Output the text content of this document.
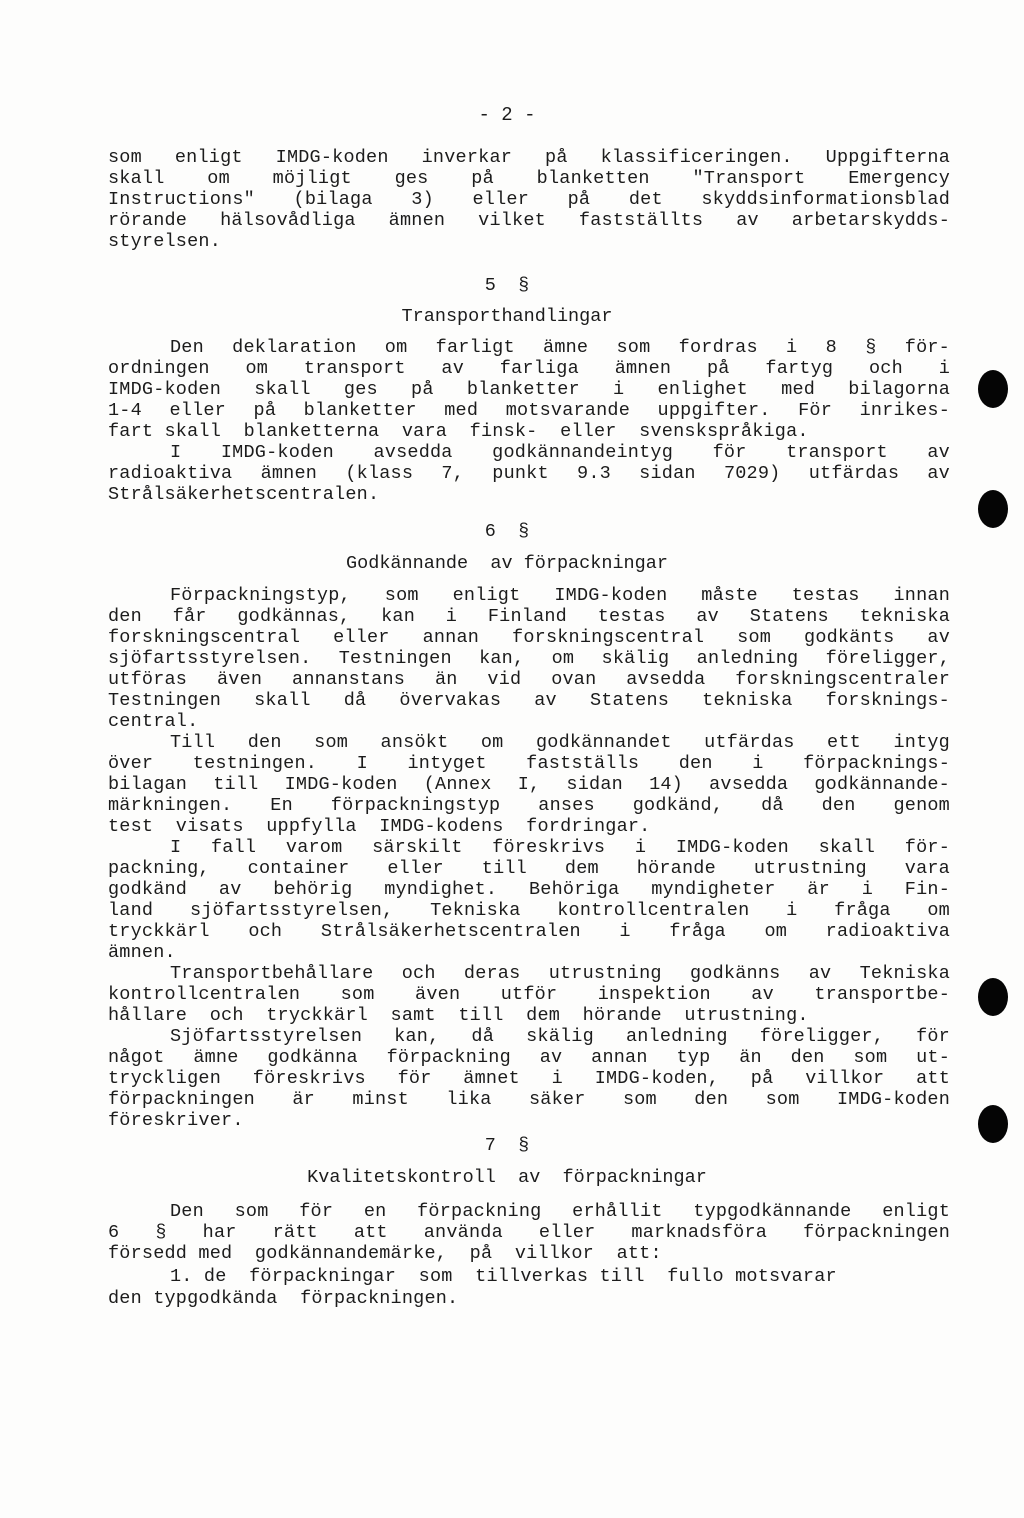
- 2 -
som enligt IMDG-koden inverkar på klassificeringen. Uppgifterna
skall om möjligt ges på blanketten "Transport Emergency
Instructions" (bilaga 3) eller på det skyddsinformationsblad
rörande hälsovådliga ämnen vilket fastställts av arbetarskydds-
styrelsen.
Den deklaration om farligt ämne som fordras i 8 § för-
ordningen om transport av farliga ämnen på fartyg och i
IMDG-koden skall ges på blanketter i enlighet med bilagorna
1-4 eller på blanketter med motsvarande uppgifter. För inrikes-
fart skall  blanketterna  vara  finsk-  eller  svenskspråkiga.
I IMDG-koden avsedda godkännandeintyg för transport av
radioaktiva ämnen (klass 7, punkt 9.3 sidan 7029) utfärdas av
Strålsäkerhetscentralen.
Förpackningstyp, som enligt IMDG-koden måste testas innan
den får godkännas, kan i Finland testas av Statens tekniska
forskningscentral eller annan forskningscentral som godkänts av
sjöfartsstyrelsen. Testningen kan, om skälig anledning föreligger,
utföras även annanstans än vid ovan avsedda forskningscentraler
Testningen skall då övervakas av Statens tekniska forsknings-
central.
Till den som ansökt om godkännandet utfärdas ett intyg
över testningen. I intyget fastställs den i förpacknings-
bilagan till IMDG-koden (Annex I, sidan 14) avsedda godkännande-
märkningen. En förpackningstyp anses godkänd, då den genom
test  visats  uppfylla  IMDG-kodens  fordringar.
I fall varom särskilt föreskrivs i IMDG-koden skall för-
packning, container eller till dem hörande utrustning vara
godkänd av behörig myndighet. Behöriga myndigheter är i Fin-
land sjöfartsstyrelsen, Tekniska kontrollcentralen i fråga om
tryckkärl och Strålsäkerhetscentralen i fråga om radioaktiva
ämnen.
Transportbehållare och deras utrustning godkänns av Tekniska
kontrollcentralen som även utför inspektion av transportbe-
hållare  och  tryckkärl  samt  till  dem  hörande  utrustning.
Sjöfartsstyrelsen kan, då skälig anledning föreligger, för
något ämne godkänna förpackning av annan typ än den som ut-
tryckligen föreskrivs för ämnet i IMDG-koden, på villkor att
förpackningen är minst lika säker som den som IMDG-koden
föreskriver.
Den som för en förpackning erhållit typgodkännande enligt
6 § har rätt att använda eller marknadsföra förpackningen
försedd med  godkännandemärke,  på  villkor  att:
1. de  förpackningar  som  tillverkas till  fullo motsvarar
den typgodkända  förpackningen.
5  §
Transporthandlingar
6  §
Godkännande  av förpackningar
7  §
Kvalitetskontroll  av  förpackningar
